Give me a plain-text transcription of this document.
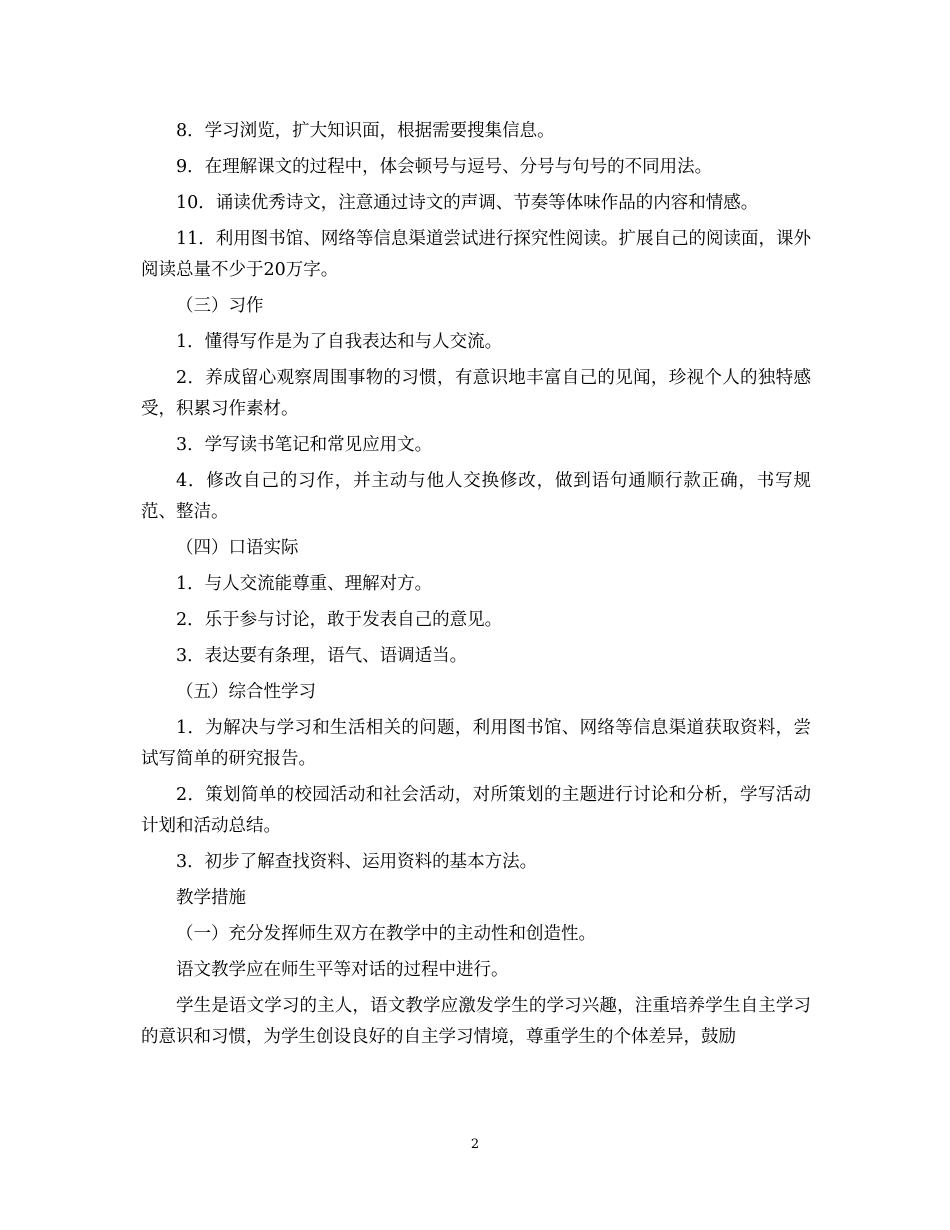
8．学习浏览，扩大知识面，根据需要搜集信息。

9．在理解课文的过程中，体会顿号与逗号、分号与句号的不同用法。

10．诵读优秀诗文，注意通过诗文的声调、节奏等体味作品的内容和情感。

11．利用图书馆、网络等信息渠道尝试进行探究性阅读。扩展自己的阅读面，课外阅读总量不少于20万字。

（三）习作

1．懂得写作是为了自我表达和与人交流。

2．养成留心观察周围事物的习惯，有意识地丰富自己的见闻，珍视个人的独特感受，积累习作素材。

3．学写读书笔记和常见应用文。

4．修改自己的习作，并主动与他人交换修改，做到语句通顺行款正确，书写规范、整洁。

（四）口语实际

1．与人交流能尊重、理解对方。

2．乐于参与讨论，敢于发表自己的意见。

3．表达要有条理，语气、语调适当。

（五）综合性学习

1．为解决与学习和生活相关的问题，利用图书馆、网络等信息渠道获取资料，尝试写简单的研究报告。

2．策划简单的校园活动和社会活动，对所策划的主题进行讨论和分析，学写活动计划和活动总结。

3．初步了解查找资料、运用资料的基本方法。

教学措施

（一）充分发挥师生双方在教学中的主动性和创造性。

语文教学应在师生平等对话的过程中进行。

学生是语文学习的主人，语文教学应激发学生的学习兴趣，注重培养学生自主学习的意识和习惯，为学生创设良好的自主学习情境，尊重学生的个体差异，鼓励

2
